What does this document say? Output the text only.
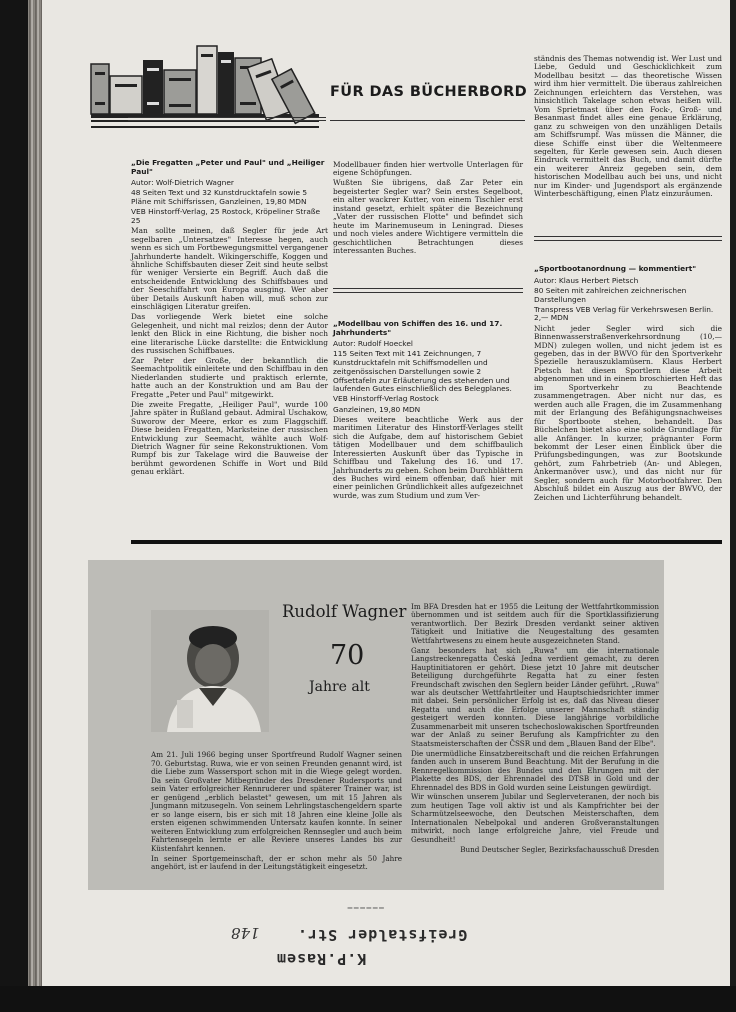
FÜR DAS BÜCHERBORD
„Die Fregatten „Peter und Paul" und „Heiliger Paul"
Autor: Wolf-Dietrich Wagner
48 Seiten Text und 32 Kunstdrucktafeln sowie 5 Pläne mit Schiffsrissen, Ganzleinen, 19,80 MDN
VEB Hinstorff-Verlag, 25 Rostock, Kröpeliner Straße 25

Man sollte meinen, daß Segler für jede Art segelbaren „Untersatzes" Interesse hegen, auch wenn es sich um Fortbewegungsmittel vergangener Jahrhunderte handelt. Wikingerschiffe, Koggen und ähnliche Schiffsbauten dieser Zeit sind heute selbst für weniger Versierte ein Begriff. Auch daß die entscheidende Entwicklung des Schiffsbaues und der Seeschiffahrt von Europa ausging. Wer aber über Details Auskunft haben will, muß schon zur einschlägigen Literatur greifen.

Das vorliegende Werk bietet eine solche Gelegenheit, und nicht mal reizlos; denn der Autor lenkt den Blick in eine Richtung, die bisher noch eine literarische Lücke darstellte: die Entwicklung des russischen Schiffbaues.

Zar Peter der Große, der bekanntlich die Seemachtpolitik einleitete und den Schiffbau in den Niederlanden studierte und praktisch erlernte, hatte auch an der Konstruktion und am Bau der Fregatte „Peter und Paul" mitgewirkt.

Die zweite Fregatte, „Heiliger Paul", wurde 100 Jahre später in Rußland gebaut. Admiral Uschakow, Suworow der Meere, erkor es zum Flaggschiff. Diese beiden Fregatten, Marksteine der russischen Entwicklung zur Seemacht, wählte auch Wolf-Dietrich Wagner für seine Rekonstruktionen. Vom Rumpf bis zur Takelage wird die Bauweise der berühmt gewordenen Schiffe in Wort und Bild genau erklärt.

Modellbauer finden hier wertvolle Unterlagen für eigene Schöpfungen.

Wußten Sie übrigens, daß Zar Peter ein begeisterter Segler war? Sein erstes Segelboot, ein alter wackrer Kutter, von einem Tischler erst instand gesetzt, erhielt später die Bezeichnung „Vater der russischen Flotte" und befindet sich heute im Marinemuseum in Leningrad. Dieses und noch vieles andere Wichtigere vermitteln die geschichtlichen Betrachtungen dieses interessanten Buches.

„Modellbau von Schiffen des 16. und 17. Jahrhunderts"
Autor: Rudolf Hoeckel
115 Seiten Text mit 141 Zeichnungen, 7 Kunstdrucktafeln mit Schiffsmodellen und zeitgenössischen Darstellungen sowie 2 Offsettafeln zur Erläuterung des stehenden und laufenden Gutes einschließlich des Belegplanes.
VEB Hinstorff-Verlag Rostock
Ganzleinen, 19,80 MDN

Dieses weitere beachtliche Werk aus der maritimen Literatur des Hinstorff-Verlages stellt sich die Aufgabe, dem auf historischem Gebiet tätigen Modellbauer und dem schiffbaulich Interessierten Auskunft über das Typische in Schiffbau und Takelung des 16. und 17. Jahrhunderts zu geben. Schon beim Durchblättern des Buches wird einem offenbar, daß hier mit einer peinlichen Gründlichkeit alles aufgezeichnet wurde, was zum Studium und zum Ver-

ständnis des Themas notwendig ist. Wer Lust und Liebe, Geduld und Geschicklichkeit zum Modellbau besitzt — das theoretische Wissen wird ihm hier vermittelt. Die überaus zahlreichen Zeichnungen erleichtern das Verstehen, was hinsichtlich Takelage schon etwas heißen will. Vom Sprietmast über den Fock-, Groß- und Besanmast findet alles eine genaue Erklärung, ganz zu schweigen von den unzähligen Details am Schiffsrumpf. Was müssen die Männer, die diese Schiffe einst über die Weltenmeere segelten, für Kerle gewesen sein. Auch diesen Eindruck vermittelt das Buch, und damit dürfte ein weiterer Anreiz gegeben sein, dem historischen Modellbau auch bei uns, und nicht nur im Kinder- und Jugendsport als ergänzende Winterbeschäftigung, einen Platz einzuräumen.

„Sportbootanordnung — kommentiert"
Autor: Klaus Herbert Pietsch
80 Seiten mit zahlreichen zeichnerischen Darstellungen
Transpress VEB Verlag für Verkehrswesen Berlin. 2,— MDN

Nicht jeder Segler wird sich die Binnenwasserstraßenverkehrsordnung (10,— MDN) zulegen wollen, und nicht jedem ist es gegeben, das in der BWVO für den Sportverkehr Spezielle herauszuklamüsern. Klaus Herbert Pietsch hat diesen Sportlern diese Arbeit abgenommen und in einem broschierten Heft das im Sportverkehr zu Beachtende zusammengetragen. Aber nicht nur das, es werden auch alle Fragen, die im Zusammenhang mit der Erlangung des Befähigungsnachweises für Sportboote stehen, behandelt. Das Büchelchen bietet also eine solide Grundlage für alle Anfänger. In kurzer, prägnanter Form bekommt der Leser einen Einblick über die Prüfungsbedingungen, was zur Bootskunde gehört, zum Fahrbetrieb (An- und Ablegen, Ankermanöver usw.), und das nicht nur für Segler, sondern auch für Motorbootfahrer. Den Abschluß bildet ein Auszug aus der BWVO, der Zeichen und Lichterführung behandelt.

Rudolf Wagner
70
Jahre alt

Am 21. Juli 1966 beging unser Sportfreund Rudolf Wagner seinen 70. Geburtstag. Ruwa, wie er von seinen Freunden genannt wird, ist die Liebe zum Wassersport schon mit in die Wiege gelegt worden. Da sein Großvater Mitbegründer des Dresdener Rudersports und sein Vater erfolgreicher Rennruderer und späterer Trainer war, ist er genügend „erblich belastet" gewesen, um mit 15 Jahren als Jungmann mitzusegeln. Von seinem Lehrlingstaschengeldern sparte er so lange eisern, bis er sich mit 18 Jahren eine kleine Jolle als ersten eigenen schwimmenden Untersatz kaufen konnte. In seiner weiteren Entwicklung zum erfolgreichen Rennsegler und auch beim Fahrtensegeln lernte er alle Reviere unseres Landes bis zur Küstenfahrt kennen.

In seiner Sportgemeinschaft, der er schon mehr als 50 Jahre angehört, ist er laufend in der Leitungstätigkeit eingesetzt.

Im BFA Dresden hat er 1955 die Leitung der Wettfahrtkommission übernommen und ist seitdem auch für die Sportklassifizierung verantwortlich. Der Bezirk Dresden verdankt seiner aktiven Tätigkeit und Initiative die Neugestaltung des gesamten Wettfahrtwesens zu einem heute ausgezeichneten Stand.

Ganz besonders hat sich „Ruwa" um die internationale Langstreckenregatta Česká Jedna verdient gemacht, zu deren Hauptinitiatoren er gehört. Diese jetzt 10 Jahre mit deutscher Beteiligung durchgeführte Regatta hat zu einer festen Freundschaft zwischen den Seglern beider Länder geführt. „Ruwa" war als deutscher Wettfahrtleiter und Hauptschiedsrichter immer mit dabei. Sein persönlicher Erfolg ist es, daß das Niveau dieser Regatta und auch die Erfolge unserer Mannschaft ständig gesteigert werden konnten. Diese langjährige vorbildliche Zusammenarbeit mit unseren tschechoslowakischen Sportfreunden war der Anlaß zu seiner Berufung als Kampfrichter zu den Staatsmeisterschaften der ČSSR und dem „Blauen Band der Elbe".

Die unermüdliche Einsatzbereitschaft und die reichen Erfahrungen fanden auch in unserem Bund Beachtung. Mit der Berufung in die Rennregelkommission des Bundes und den Ehrungen mit der Plakette des BDS, der Ehrennadel des DTSB in Gold und der Ehrennadel des BDS in Gold wurden seine Leistungen gewürdigt.

Wir wünschen unserem Jubilar und Seglerveteranen, der noch bis zum heutigen Tage voll aktiv ist und als Kampfrichter bei der Scharmützelseewoche, den Deutschen Meisterschaften, dem Internationalen Nebelpokal und anderen Großveranstaltungen mitwirkt, noch lange erfolgreiche Jahre, viel Freude und Gesundheit!

Bund Deutscher Segler, Bezirksfachausschuß Dresden

K.P.Rasem
Greifstalder Str.
——————
148
